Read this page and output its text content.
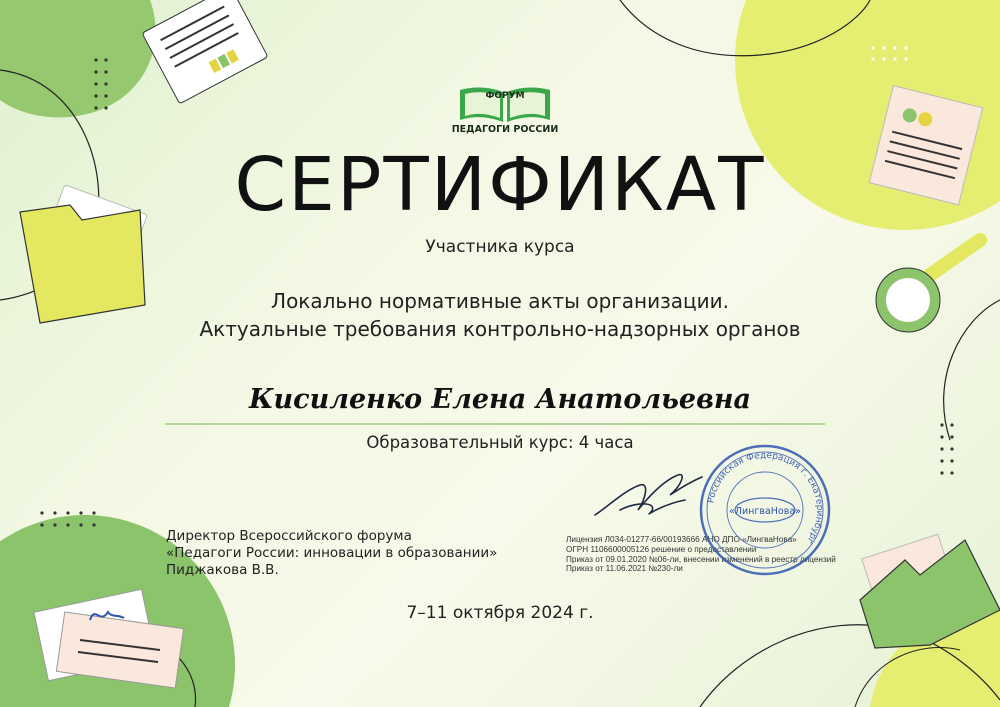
ФОРУМ
ПЕДАГОГИ РОССИИ
СЕРТИФИКАТ
Участника курса
Локально нормативные акты организации.
Актуальные требования контрольно-надзорных органов
Кисиленко Елена Анатольевна
Образовательный курс: 4 часа
7–11 октября 2024 г.
Директор Всероссийского форума
«Педагоги России: инновации в образовании»
Пиджакова В.В.
Лицензия Л034-01277-66/00193666 АНО ДПО «ЛингваНова»
ОГРН 1106600005126 решение о предоставлении
Приказ от 09.01.2020 №06-ли, внесении изменений в реестр лицензий
Приказ от 11.06.2021 №230-ли
Российская Федерация г. Екатеринбург
«ЛингваНова»
